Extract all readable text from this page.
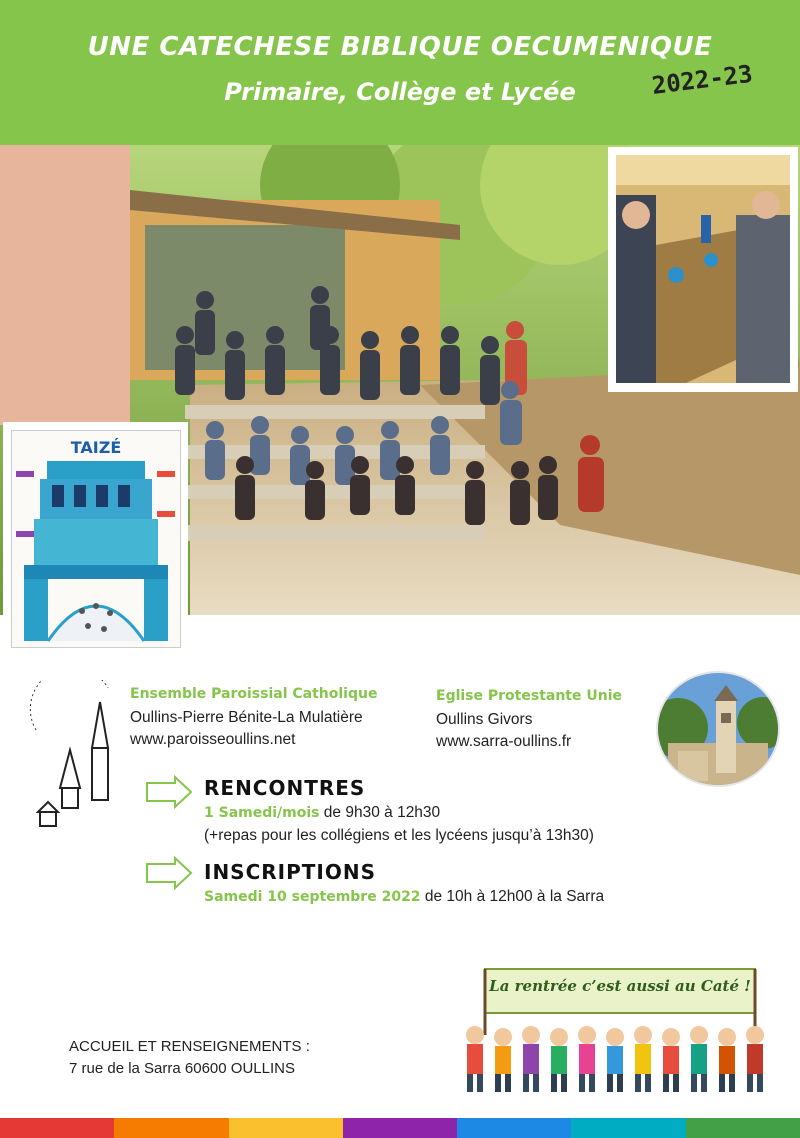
UNE CATECHESE BIBLIQUE OECUMENIQUE
Primaire, Collège et Lycée	2022-23
TAIZÉ
Ensemble Paroissial Catholique
Oullins-Pierre Bénite-La Mulatière
www.paroisseoullins.net
Eglise Protestante Unie
Oullins Givors
www.sarra-oullins.fr
RENCONTRES
1 Samedi/mois de 9h30 à 12h30
(+repas pour les collégiens et les lycéens jusqu’à 13h30)
INSCRIPTIONS
Samedi 10 septembre 2022 de 10h à 12h00 à la Sarra
ACCUEIL ET RENSEIGNEMENTS :
7 rue de la Sarra 60600 OULLINS
La rentrée c’est aussi au Caté !
